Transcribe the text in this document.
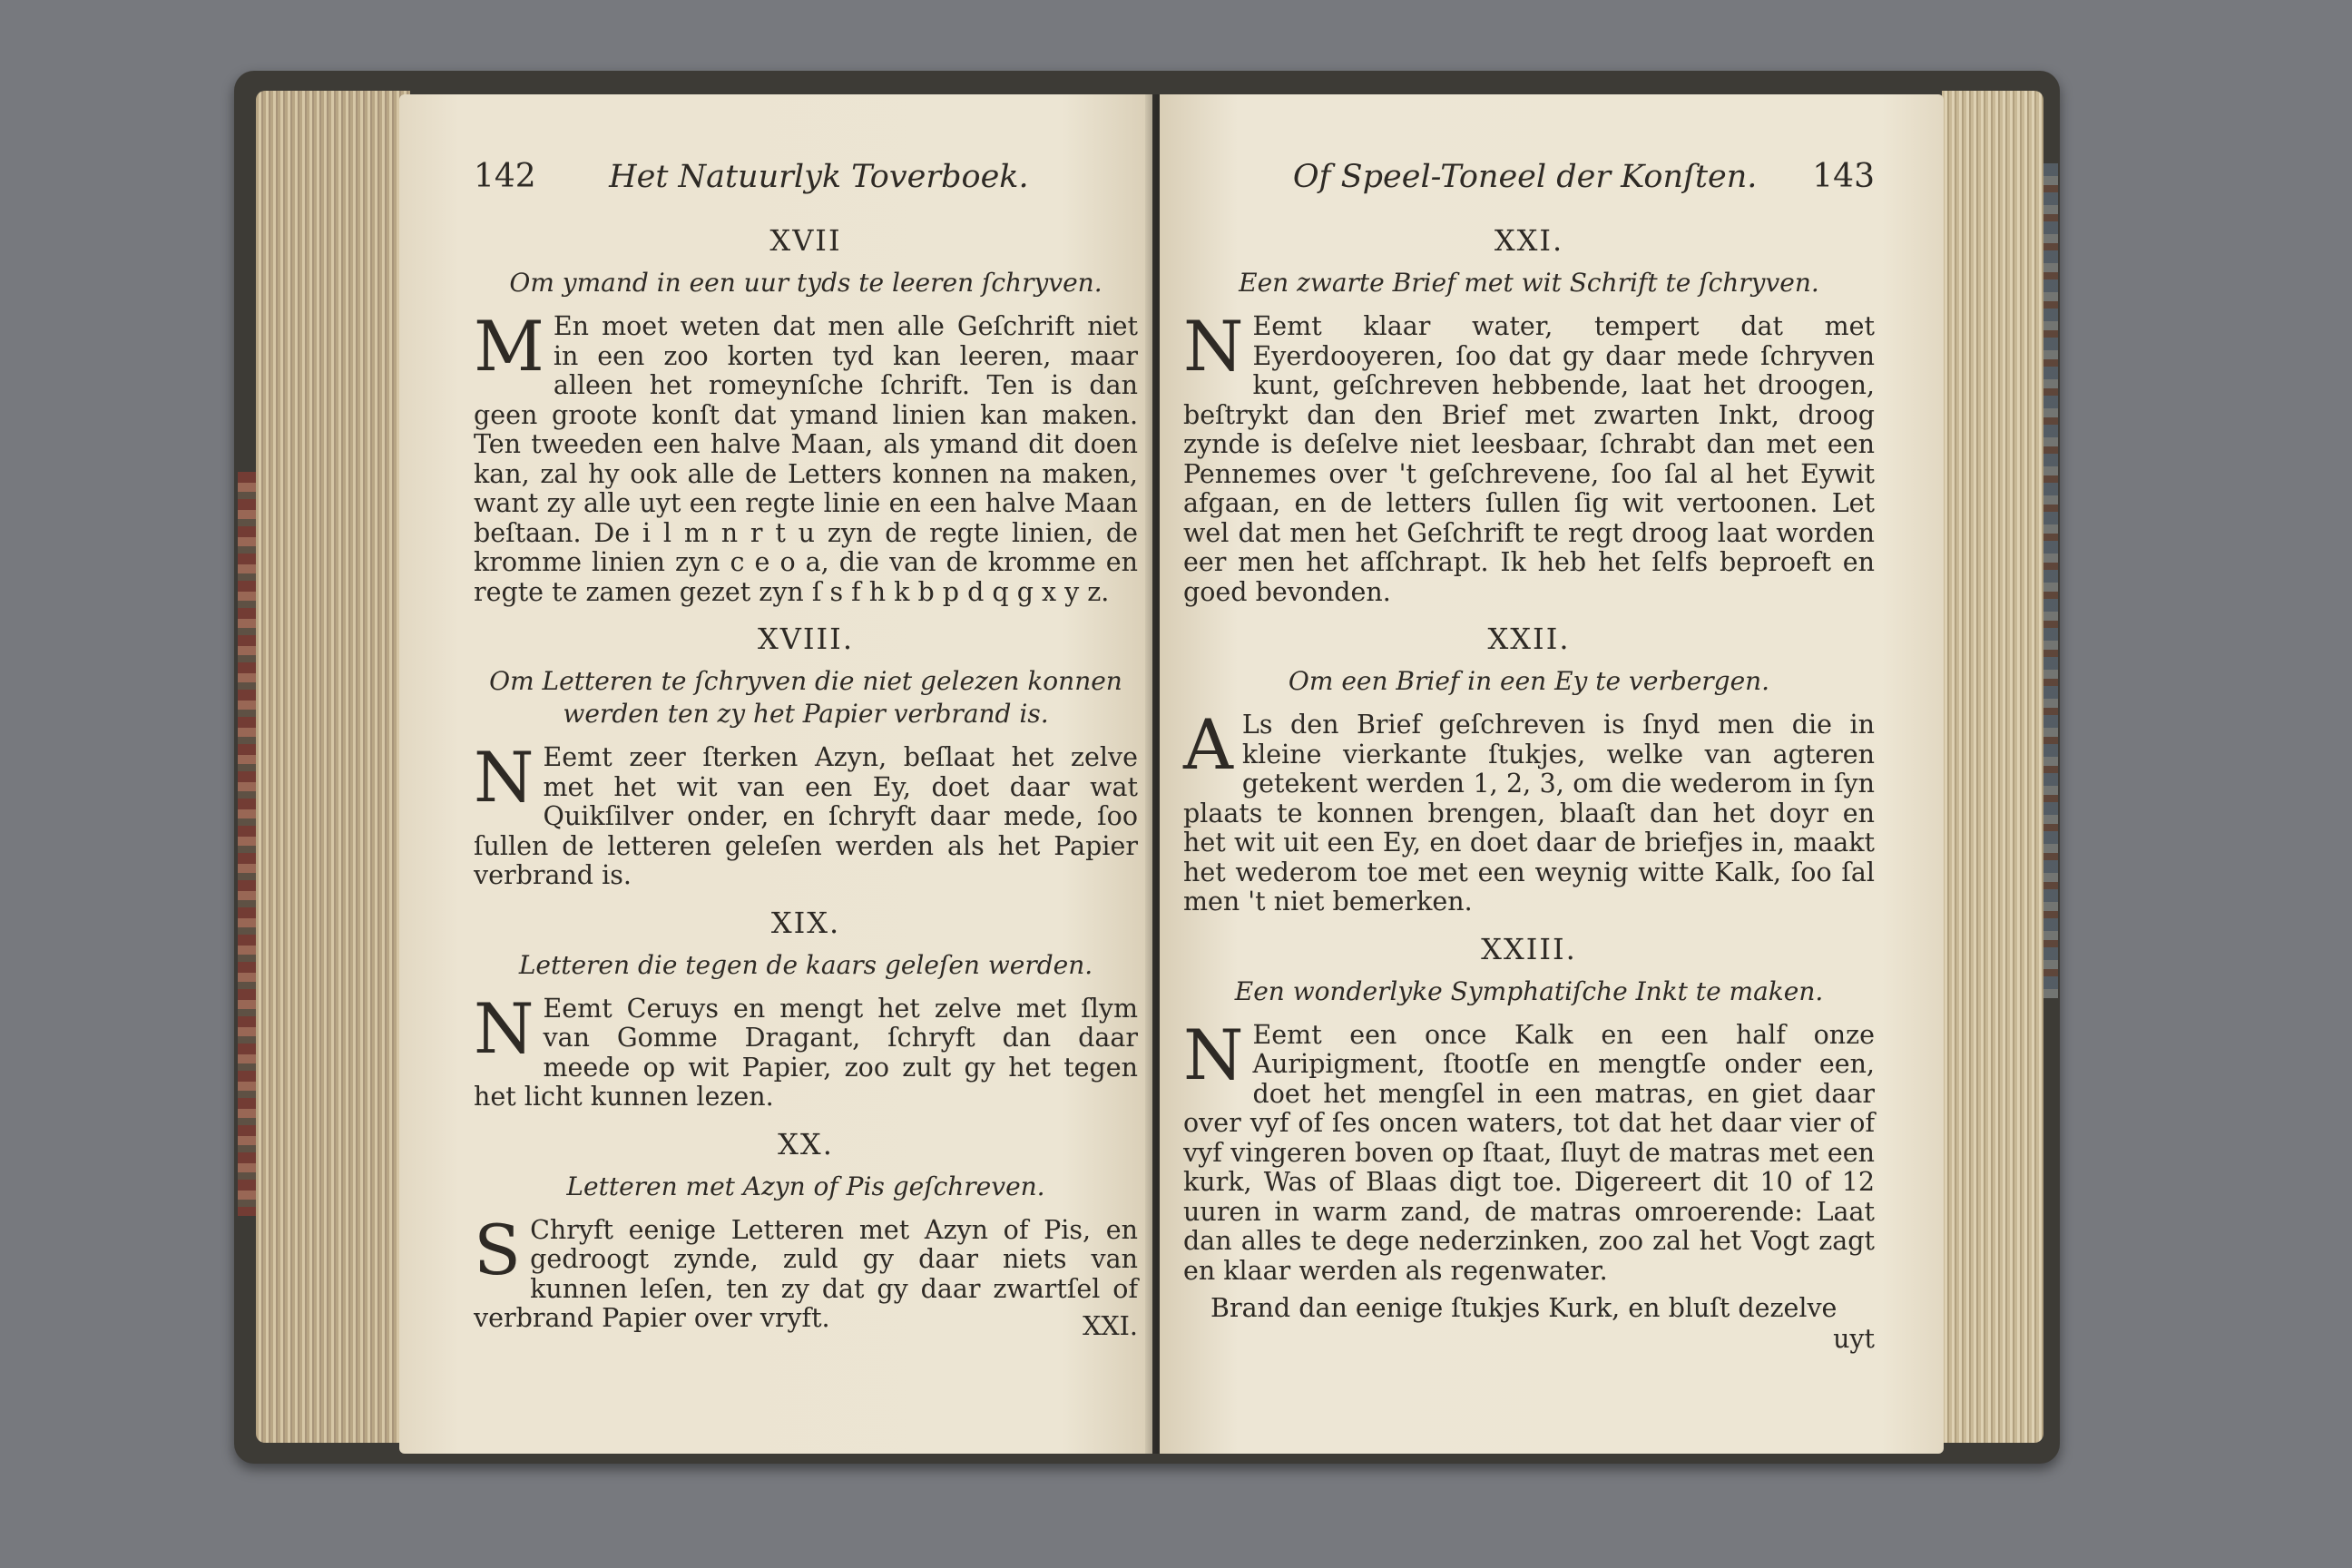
142 Het Natuurlyk Toverboek.
XVII
Om ymand in een uur tyds te leeren ſchryven.
M En moet weten dat men alle Geſchrift niet in een zoo korten tyd kan leeren, maar alleen het romeynſche ſchrift. Ten is dan geen groote konſt dat ymand linien kan maken. Ten tweeden een halve Maan, als ymand dit doen kan, zal hy ook alle de Letters konnen na maken, want zy alle uyt een regte linie en een halve Maan beſtaan. De i l m n r t u zyn de regte linien, de kromme linien zyn c e o a, die van de kromme en regte te zamen gezet zyn ſ s f h k b p d q g x y z.
XVIII.
Om Letteren te ſchryven die niet gelezen konnen werden ten zy het Papier verbrand is.
N Eemt zeer ſterken Azyn, beſlaat het zelve met het wit van een Ey, doet daar wat Quikſilver onder, en ſchryft daar mede, ſoo ſullen de letteren geleſen werden als het Papier verbrand is.
XIX.
Letteren die tegen de kaars geleſen werden.
N Eemt Ceruys en mengt het zelve met ſlym van Gomme Dragant, ſchryft dan daar meede op wit Papier, zoo zult gy het tegen het licht kunnen lezen.
XX.
Letteren met Azyn of Pis geſchreven.
S Chryft eenige Letteren met Azyn of Pis, en gedroogt zynde, zuld gy daar niets van kunnen leſen, ten zy dat gy daar zwartſel of verbrand Papier over vryft.	XXI.
Of Speel-Toneel der Konſten. 143
XXI.
Een zwarte Brief met wit Schrift te ſchryven.
N Eemt klaar water, tempert dat met Eyerdooyeren, ſoo dat gy daar mede ſchryven kunt, geſchreven hebbende, laat het droogen, beſtrykt dan den Brief met zwarten Inkt, droog zynde is deſelve niet leesbaar, ſchrabt dan met een Pennemes over 't geſchrevene, ſoo ſal al het Eywit afgaan, en de letters ſullen ſig wit vertoonen. Let wel dat men het Geſchrift te regt droog laat worden eer men het afſchrapt. Ik heb het ſelfs beproeft en goed bevonden.
XXII.
Om een Brief in een Ey te verbergen.
A Ls den Brief geſchreven is ſnyd men die in kleine vierkante ſtukjes, welke van agteren getekent werden 1, 2, 3, om die wederom in ſyn plaats te konnen brengen, blaaſt dan het doyr en het wit uit een Ey, en doet daar de briefjes in, maakt het wederom toe met een weynig witte Kalk, ſoo ſal men 't niet bemerken.
XXIII.
Een wonderlyke Symphatiſche Inkt te maken.
N Eemt een once Kalk en een half onze Auripigment, ſtootſe en mengtſe onder een, doet het mengſel in een matras, en giet daar over vyf of ſes oncen waters, tot dat het daar vier of vyf vingeren boven op ſtaat, ſluyt de matras met een kurk, Was of Blaas digt toe. Digereert dit 10 of 12 uuren in warm zand, de matras omroerende: Laat dan alles te dege nederzinken, zoo zal het Vogt zagt en klaar werden als regenwater.
Brand dan eenige ſtukjes Kurk, en bluſt dezelve
uyt
